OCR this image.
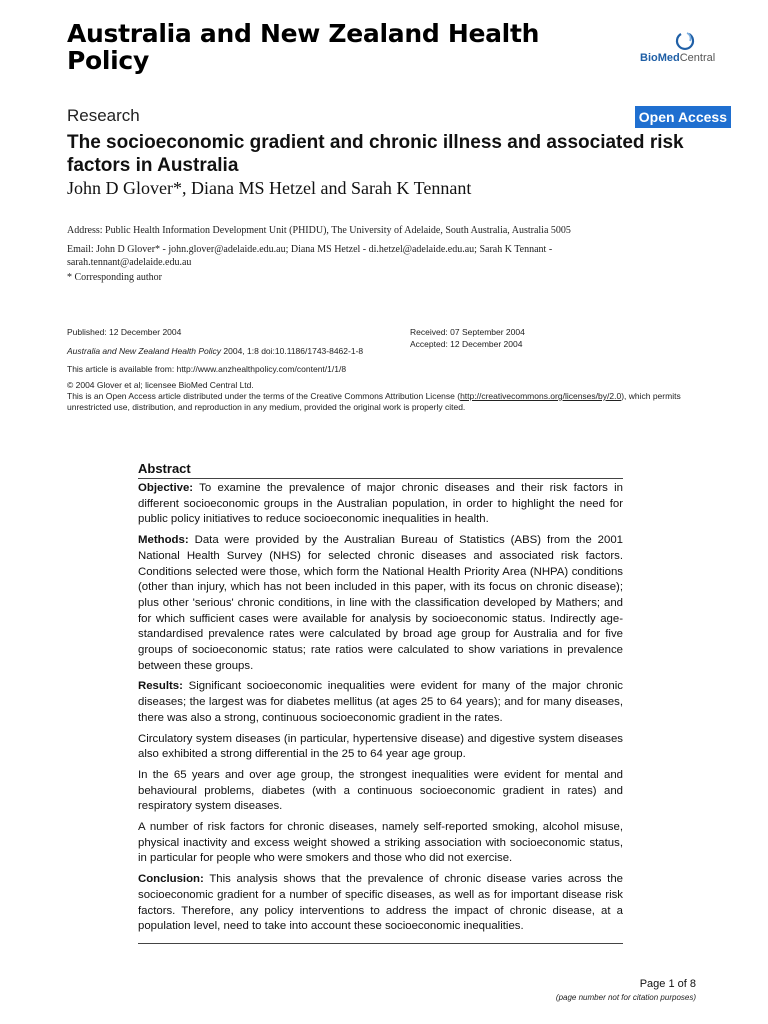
Australia and New Zealand Health Policy	BioMedCentral
Research	Open Access
The socioeconomic gradient and chronic illness and associated risk factors in Australia
John D Glover*, Diana MS Hetzel and Sarah K Tennant
Address: Public Health Information Development Unit (PHIDU), The University of Adelaide, South Australia, Australia 5005
Email: John D Glover* - john.glover@adelaide.edu.au; Diana MS Hetzel - di.hetzel@adelaide.edu.au; Sarah K Tennant - sarah.tennant@adelaide.edu.au
* Corresponding author
Published: 12 December 2004
Australia and New Zealand Health Policy 2004, 1:8 doi:10.1186/1743-8462-1-8
Received: 07 September 2004
Accepted: 12 December 2004
This article is available from: http://www.anzhealthpolicy.com/content/1/1/8
© 2004 Glover et al; licensee BioMed Central Ltd.
This is an Open Access article distributed under the terms of the Creative Commons Attribution License (http://creativecommons.org/licenses/by/2.0), which permits unrestricted use, distribution, and reproduction in any medium, provided the original work is properly cited.
Abstract

Objective: To examine the prevalence of major chronic diseases and their risk factors in different socioeconomic groups in the Australian population, in order to highlight the need for public policy initiatives to reduce socioeconomic inequalities in health.

Methods: Data were provided by the Australian Bureau of Statistics (ABS) from the 2001 National Health Survey (NHS) for selected chronic diseases and associated risk factors. Conditions selected were those, which form the National Health Priority Area (NHPA) conditions (other than injury, which has not been included in this paper, with its focus on chronic disease); plus other 'serious' chronic conditions, in line with the classification developed by Mathers; and for which sufficient cases were available for analysis by socioeconomic status. Indirectly age-standardised prevalence rates were calculated by broad age group for Australia and for five groups of socioeconomic status; rate ratios were calculated to show variations in prevalence between these groups.

Results: Significant socioeconomic inequalities were evident for many of the major chronic diseases; the largest was for diabetes mellitus (at ages 25 to 64 years); and for many diseases, there was also a strong, continuous socioeconomic gradient in the rates.

Circulatory system diseases (in particular, hypertensive disease) and digestive system diseases also exhibited a strong differential in the 25 to 64 year age group.

In the 65 years and over age group, the strongest inequalities were evident for mental and behavioural problems, diabetes (with a continuous socioeconomic gradient in rates) and respiratory system diseases.

A number of risk factors for chronic diseases, namely self-reported smoking, alcohol misuse, physical inactivity and excess weight showed a striking association with socioeconomic status, in particular for people who were smokers and those who did not exercise.

Conclusion: This analysis shows that the prevalence of chronic disease varies across the socioeconomic gradient for a number of specific diseases, as well as for important disease risk factors. Therefore, any policy interventions to address the impact of chronic disease, at a population level, need to take into account these socioeconomic inequalities.

Page 1 of 8
(page number not for citation purposes)
